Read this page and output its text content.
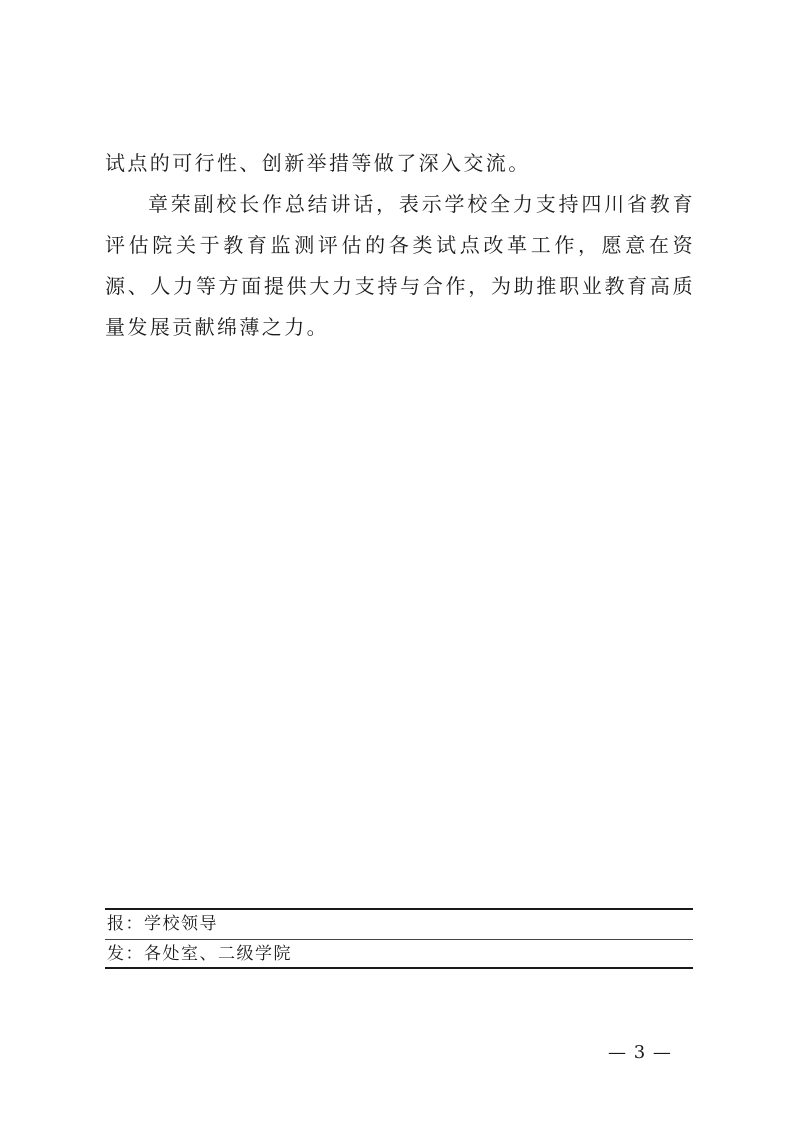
试点的可行性、创新举措等做了深入交流。

章荣副校长作总结讲话，表示学校全力支持四川省教育评估院关于教育监测评估的各类试点改革工作，愿意在资源、人力等方面提供大力支持与合作，为助推职业教育高质量发展贡献绵薄之力。

报：学校领导
发：各处室、二级学院
— 3 —
